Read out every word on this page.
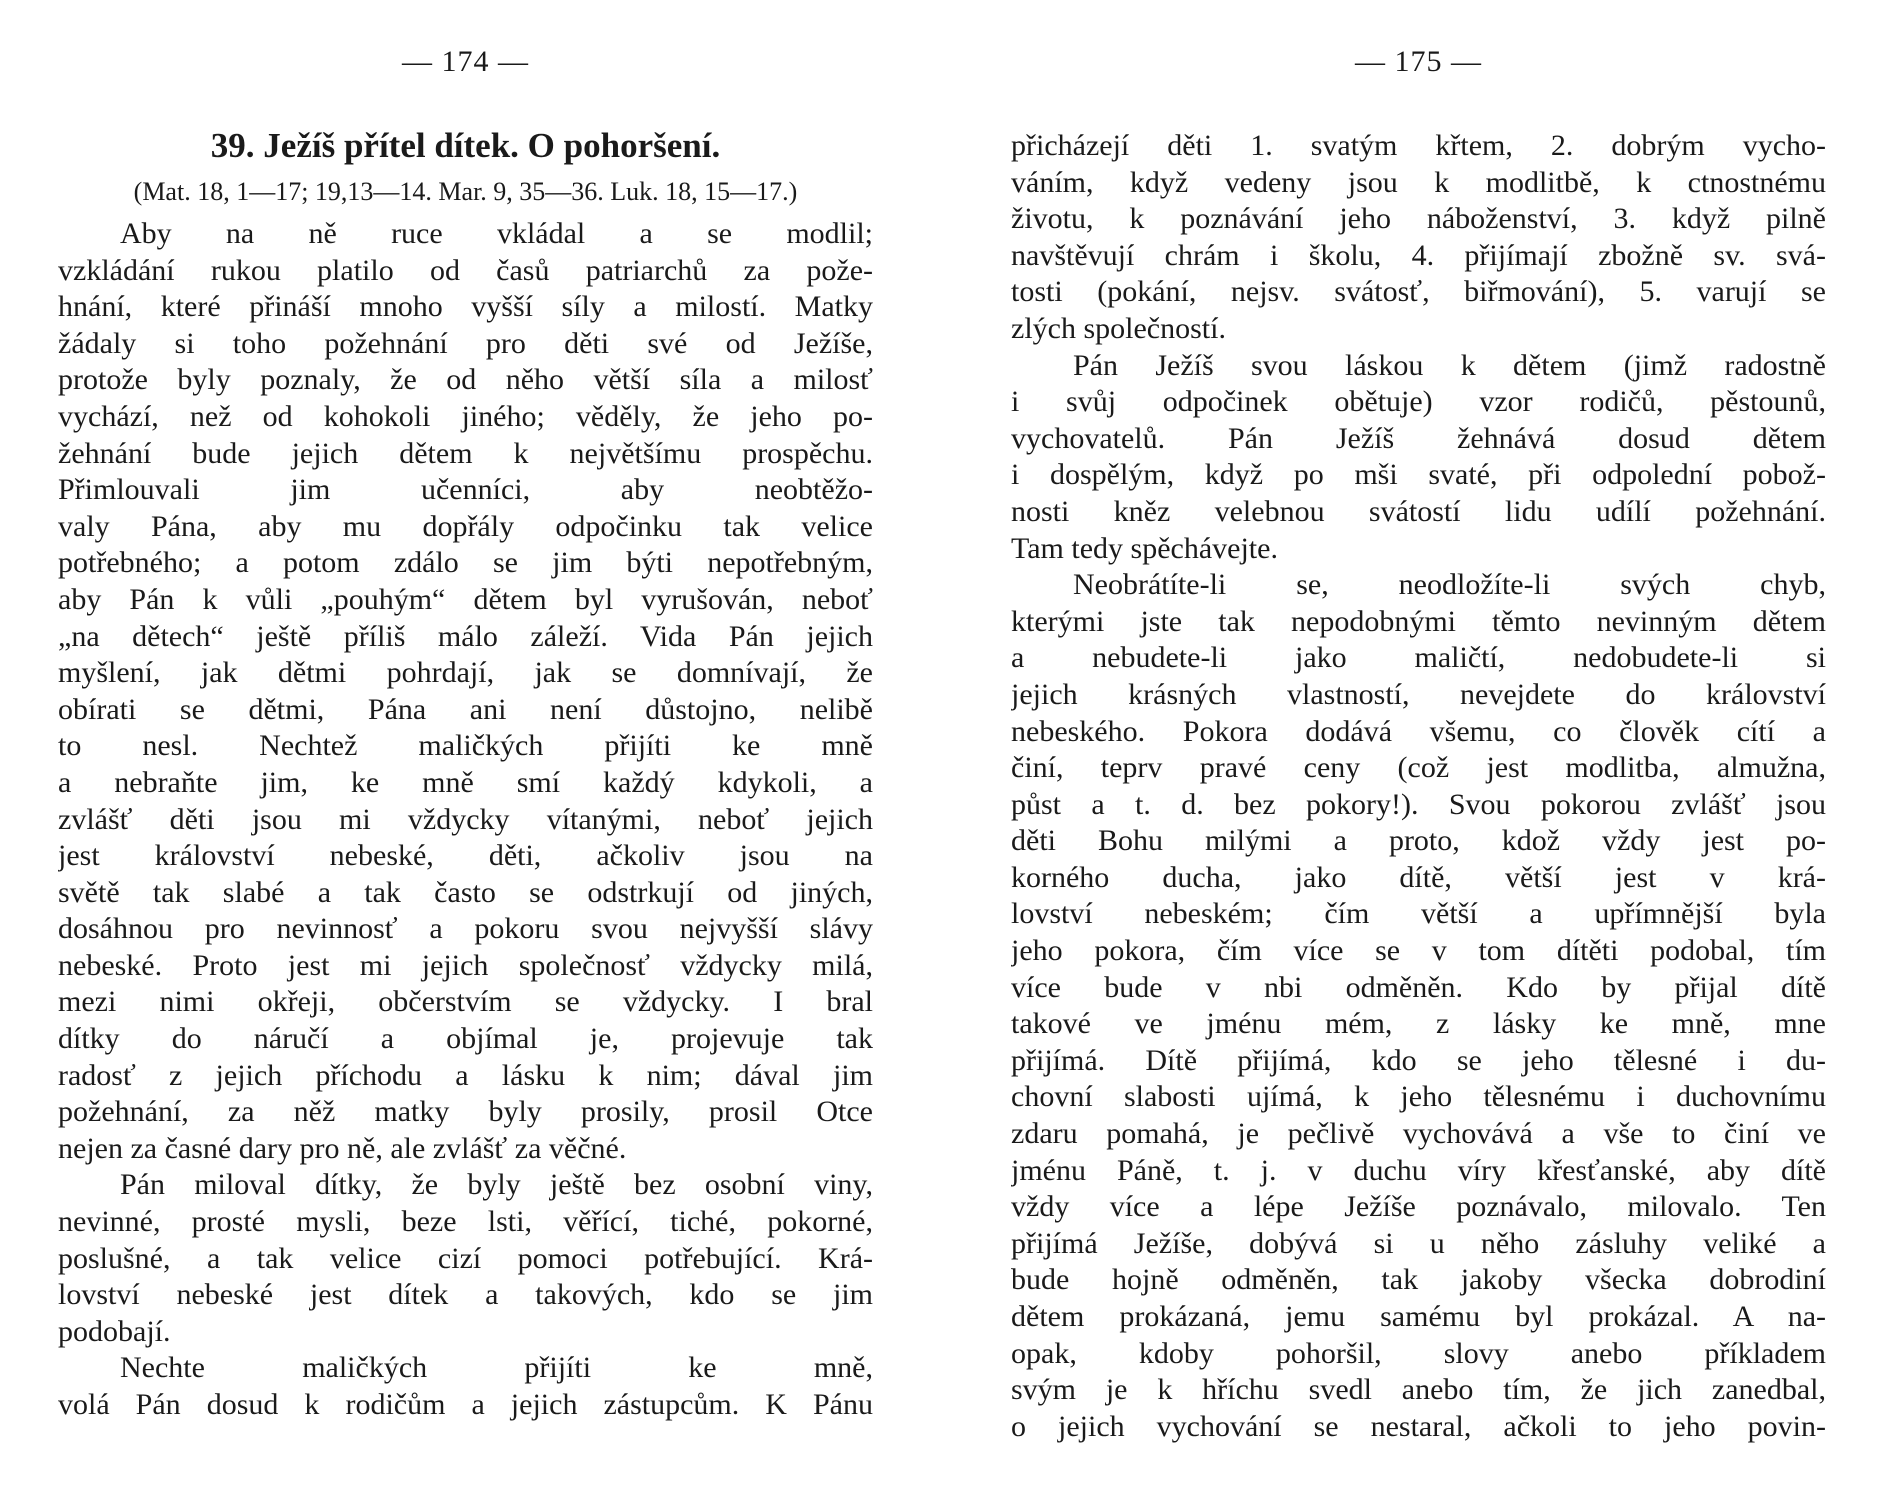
— 174 —
39. Ježíš přítel dítek. O pohoršení.
(Mat. 18, 1—17; 19,13—14. Mar. 9, 35—36. Luk. 18, 15—17.)
Aby na ně ruce vkládal a se modlil;
vzkládání rukou platilo od časů patriarchů za pože-
hnání, které přináší mnoho vyšší síly a milostí. Matky
žádaly si toho požehnání pro děti své od Ježíše,
protože byly poznaly, že od něho větší síla a milosť
vychází, než od kohokoli jiného; věděly, že jeho po-
žehnání bude jejich dětem k největšímu prospěchu.
Přimlouvali jim učenníci, aby neobtěžo-
valy Pána, aby mu dopřály odpočinku tak velice
potřebného; a potom zdálo se jim býti nepotřebným,
aby Pán k vůli „pouhým“ dětem byl vyrušován, neboť
„na dětech“ ještě příliš málo záleží. Vida Pán jejich
myšlení, jak dětmi pohrdají, jak se domnívají, že
obírati se dětmi, Pána ani není důstojno, nelibě
to nesl. Nechtež maličkých přijíti ke mně
a nebraňte jim, ke mně smí každý kdykoli, a
zvlášť děti jsou mi vždycky vítanými, neboť jejich
jest království nebeské, děti, ačkoliv jsou na
světě tak slabé a tak často se odstrkují od jiných,
dosáhnou pro nevinnosť a pokoru svou nejvyšší slávy
nebeské. Proto jest mi jejich společnosť vždycky milá,
mezi nimi okřeji, občerstvím se vždycky. I bral
dítky do náručí a objímal je, projevuje tak
radosť z jejich příchodu a lásku k nim; dával jim
požehnání, za něž matky byly prosily, prosil Otce
nejen za časné dary pro ně, ale zvlášť za věčné.
Pán miloval dítky, že byly ještě bez osobní viny,
nevinné, prosté mysli, beze lsti, věřící, tiché, pokorné,
poslušné, a tak velice cizí pomoci potřebující. Krá-
lovství nebeské jest dítek a takových, kdo se jim
podobají.
Nechte maličkých přijíti ke mně,
volá Pán dosud k rodičům a jejich zástupcům. K Pánu
— 175 —
přicházejí děti 1. svatým křtem, 2. dobrým vycho-
váním, když vedeny jsou k modlitbě, k ctnostnému
životu, k poznávání jeho náboženství, 3. když pilně
navštěvují chrám i školu, 4. přijímají zbožně sv. svá-
tosti (pokání, nejsv. svátosť, biřmování), 5. varují se
zlých společností.
Pán Ježíš svou láskou k dětem (jimž radostně
i svůj odpočinek obětuje) vzor rodičů, pěstounů,
vychovatelů. Pán Ježíš žehnává dosud dětem
i dospělým, když po mši svaté, při odpolední pobož-
nosti kněz velebnou svátostí lidu udílí požehnání.
Tam tedy spěchávejte.
Neobrátíte-li se, neodložíte-li svých chyb,
kterými jste tak nepodobnými těmto nevinným dětem
a nebudete-li jako maličtí, nedobudete-li si
jejich krásných vlastností, nevejdete do království
nebeského. Pokora dodává všemu, co člověk cítí a
činí, teprv pravé ceny (což jest modlitba, almužna,
půst a t. d. bez pokory!). Svou pokorou zvlášť jsou
děti Bohu milými a proto, kdož vždy jest po-
korného ducha, jako dítě, větší jest v krá-
lovství nebeském; čím větší a upřímnější byla
jeho pokora, čím více se v tom dítěti podobal, tím
více bude v nbi odměněn. Kdo by přijal dítě
takové ve jménu mém, z lásky ke mně, mne
přijímá. Dítě přijímá, kdo se jeho tělesné i du-
chovní slabosti ujímá, k jeho tělesnému i duchovnímu
zdaru pomahá, je pečlivě vychovává a vše to činí ve
jménu Páně, t. j. v duchu víry křesťanské, aby dítě
vždy více a lépe Ježíše poznávalo, milovalo. Ten
přijímá Ježíše, dobývá si u něho zásluhy veliké a
bude hojně odměněn, tak jakoby všecka dobrodiní
dětem prokázaná, jemu samému byl prokázal. A na-
opak, kdoby pohoršil, slovy anebo příkladem
svým je k hříchu svedl anebo tím, že jich zanedbal,
o jejich vychování se nestaral, ačkoli to jeho povin-
